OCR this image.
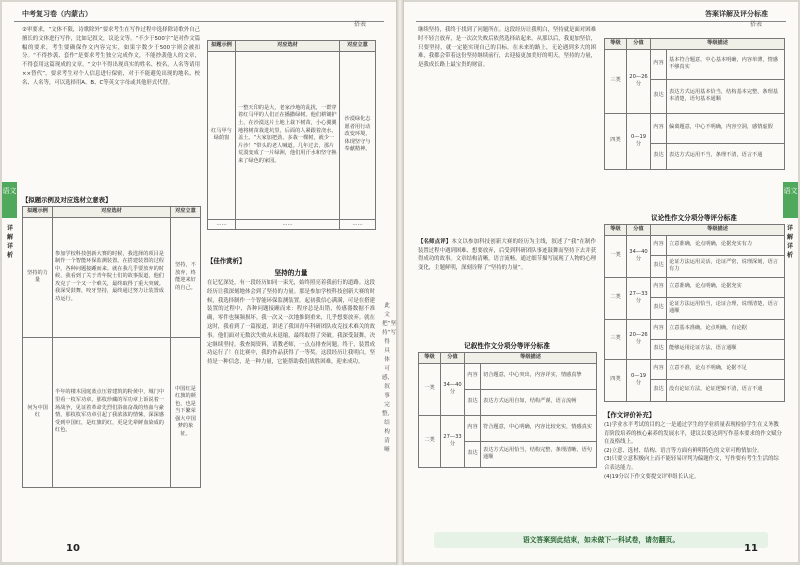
中考复习卷（内蒙古）
搭表
②审要求，“文体不限，诗歌除外”要求考生在写作过程中选择除诗歌外自己擅长的文体进行写作，比如记叙文，议论文等。“不少于500字”是对作文篇幅的要求，考生要确保作文内容完实，如果字数少于500字则会被扣分。“不得抄袭、套作”是要求考生独立完成作文，不能抄袭他人的文章，不得套用这篇现成的文章。“文中不得出现真实的姓名、校名，人名等请用××替代”，要求考生对个人信息进行保密，对于不能避免出现的地名、校名、人名等，可以选择用A、B、C等英文字母或其他形式代替。
【拟题示例及对应选材立意表】
拟题示例	对应选材	对应立意
坚持的力量	参加学校科技创新大赛的时候，我选择的项目是制作一个智能环保监测装置。在搭建装置的过程中，各种问题接踵而来。就在我几乎要放弃的时候，我看到了关于青年院士们的故事报道，他们攻克了一个又一个难关，最终取得了重大突破。我深受鼓舞，咬牙坚持，最终通过努力让装置成功运行。	坚持，不放弃，终能迎来好的自己。
何为中国红	半年的楼木园庭蓝点压着建筑的粉黄中，城门中里看一枚军功章。那枚珍藏的军功章上诉说着一场战争，见证着革命先烈们浴血奋战的热血与豪情，那枚枚军功章引起了我浓浓的情愫，深深感受到中国红，是红旗的红，更是先辈鲜血染成的红色。	中国红是红旗的颜色，也是当下繁荣强大中国梦的象征。
拟题示例	对应选材	对应立意
红马甲与绿荫窗	一整天印的是大，老家沙地的乱扰，一群穿着红马甲的人们正在播撒绿树。他们耕锄护土，在沙漠这片土地上栽下树苗，小心翼翼地将树苗栽进坑里，后面的人紧跟着浇水，盖土。“大家加把劲，多栽一棵树，就少一片沙！”带头的老人喊道。几年过去，那片荒漠变成了一片绿洲，他们用汗水和坚守换来了绿色的家园。	沙漠绿化志愿者用行动改变环境，体现坚守与奉献精神。
……	……	……
【佳作赏析】
坚持的力量
在记忆深处，有一段经历如同一束光，始终照亮着我前行的道路。这段经历让我深刻地体会到了坚持的力量。那是参加学校科技创新大赛的时候，我选择制作一个智能环保监测装置。起初我信心满满，可是在搭建装置的过程中，各种问题接踵而来：程序总是出错，传感器数据不准确，零件也频频损坏。我一次又一次地推倒重来，几乎想要放弃。就在这时，我看到了一篇报道，讲述了我国青年科研团队攻克技术难关的故事。他们面对无数次失败从未退缩，最终取得了突破。我深受鼓舞，决定继续坚持。我查阅资料，请教老师，一点点排查问题。终于，装置成功运行了！在比赛中，我的作品获得了一等奖。这段经历让我明白，坚持是一种信念，是一种力量，它能帮助我们战胜困难，迎来成功。
此文把“坚持”写得具体可感，叙事完整，结构清晰
语文
详解详析
10
答案详解及评分标准
搭表
继续坚持，我终于找到了问题所在。这段经历让我明白，坚持就是面对困难时不轻言放弃，是一次次失败后依然选择站起来。从那以后，我更加坚信，只要坚持，就一定能实现自己的目标。在未来的路上，无论遇到多大的困难，我都会带着这份坚持继续前行，去迎接更加美好的明天。坚持的力量，是我成长路上最宝贵的财富。
【名师点评】本文以参加科技创新大赛的经历为主线，叙述了“我”在制作装置过程中遇到困难、想要放弃，后受到科研团队事迹鼓舞而坚持下去并获得成功的故事。文章结构清晰，语言流畅，通过细节描写展现了人物的心理变化，主题鲜明，深刻诠释了“坚持的力量”。
记叙性作文分项分等评分标准
等级	分值	等级描述	
一类	34—40分	内容	切合题意，中心突出，内容详实，情感真挚
		表达	表达方式运用自如，结构严谨，语言流畅
二类	27—33分	内容	符合题意，中心明确，内容比较充实，情感真实
		表达	表达方式运用恰当，结构完整，条理清晰，语句通顺
等级	分值	等级描述	
三类	20—26分	内容	基本符合题意，中心基本明确，内容单薄，情感不够真实
		表达	表达方式运用基本恰当，结构基本完整，条理基本清楚，语句基本通顺
四类	0—19分	内容	偏离题意，中心不明确，内容空洞，感情虚假
		表达	表达方式运用不当，条理不清，语言不通
议论性作文分项分等评分标准
等级	分值	等级描述	
一类	34—40分	内容	立意准确，论点明确，论据充实有力
		表达	论证方法运用灵活，论证严密，说理深刻，语言有力
二类	27—33分	内容	立意准确，论点明确，论据充实
		表达	论证方法运用恰当，论证合理，说理清楚，语言通顺
三类	20—26分	内容	立意基本准确，论点明确，有论据
		表达	能够运用论证方法，语言通顺
四类	0—19分	内容	立意不准，论点不明确，论据不足
		表达	没有论证方法，论证逻辑不清，语言不通
【作文评价补充】
(1)学业水平考试的目的之一是通过学生的学业质量表现检验学生在义务教育阶段培养的核心素养的发展水平，建议以要达到写作基本要求的作文赋分在及格线上。
(2)立意、选材、结构、语言等方面有鲜明特色的文章可酌情加分。
(3)只要立意积极向上而不能轻易评判为偏题作文，写作要有考生生活的综合表达能力。
(4)19分以下作文要提交评审组长认定。
语文答案到此结束，如未做下一科试卷，请勿翻页。
语文
详解详析
11
